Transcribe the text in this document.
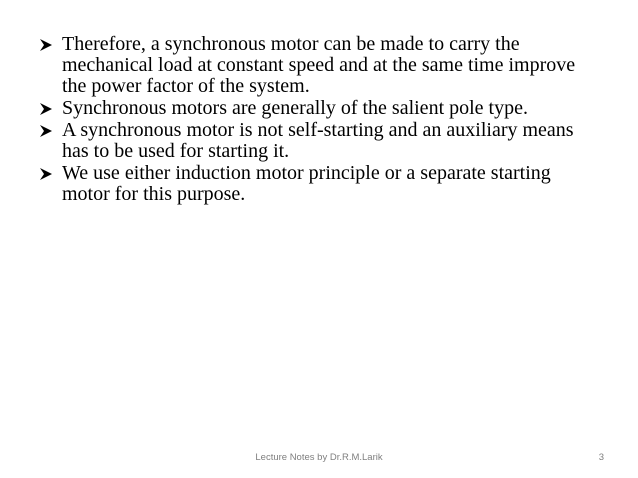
Therefore, a synchronous motor can be made to carry the mechanical load at constant speed and at the same time improve the power factor of the system.
Synchronous motors are generally of the salient pole type.
A synchronous motor is not self-starting and an auxiliary means has to be used for starting it.
We use either induction motor principle or a separate starting motor for this purpose.
Lecture Notes by Dr.R.M.Larik	3
